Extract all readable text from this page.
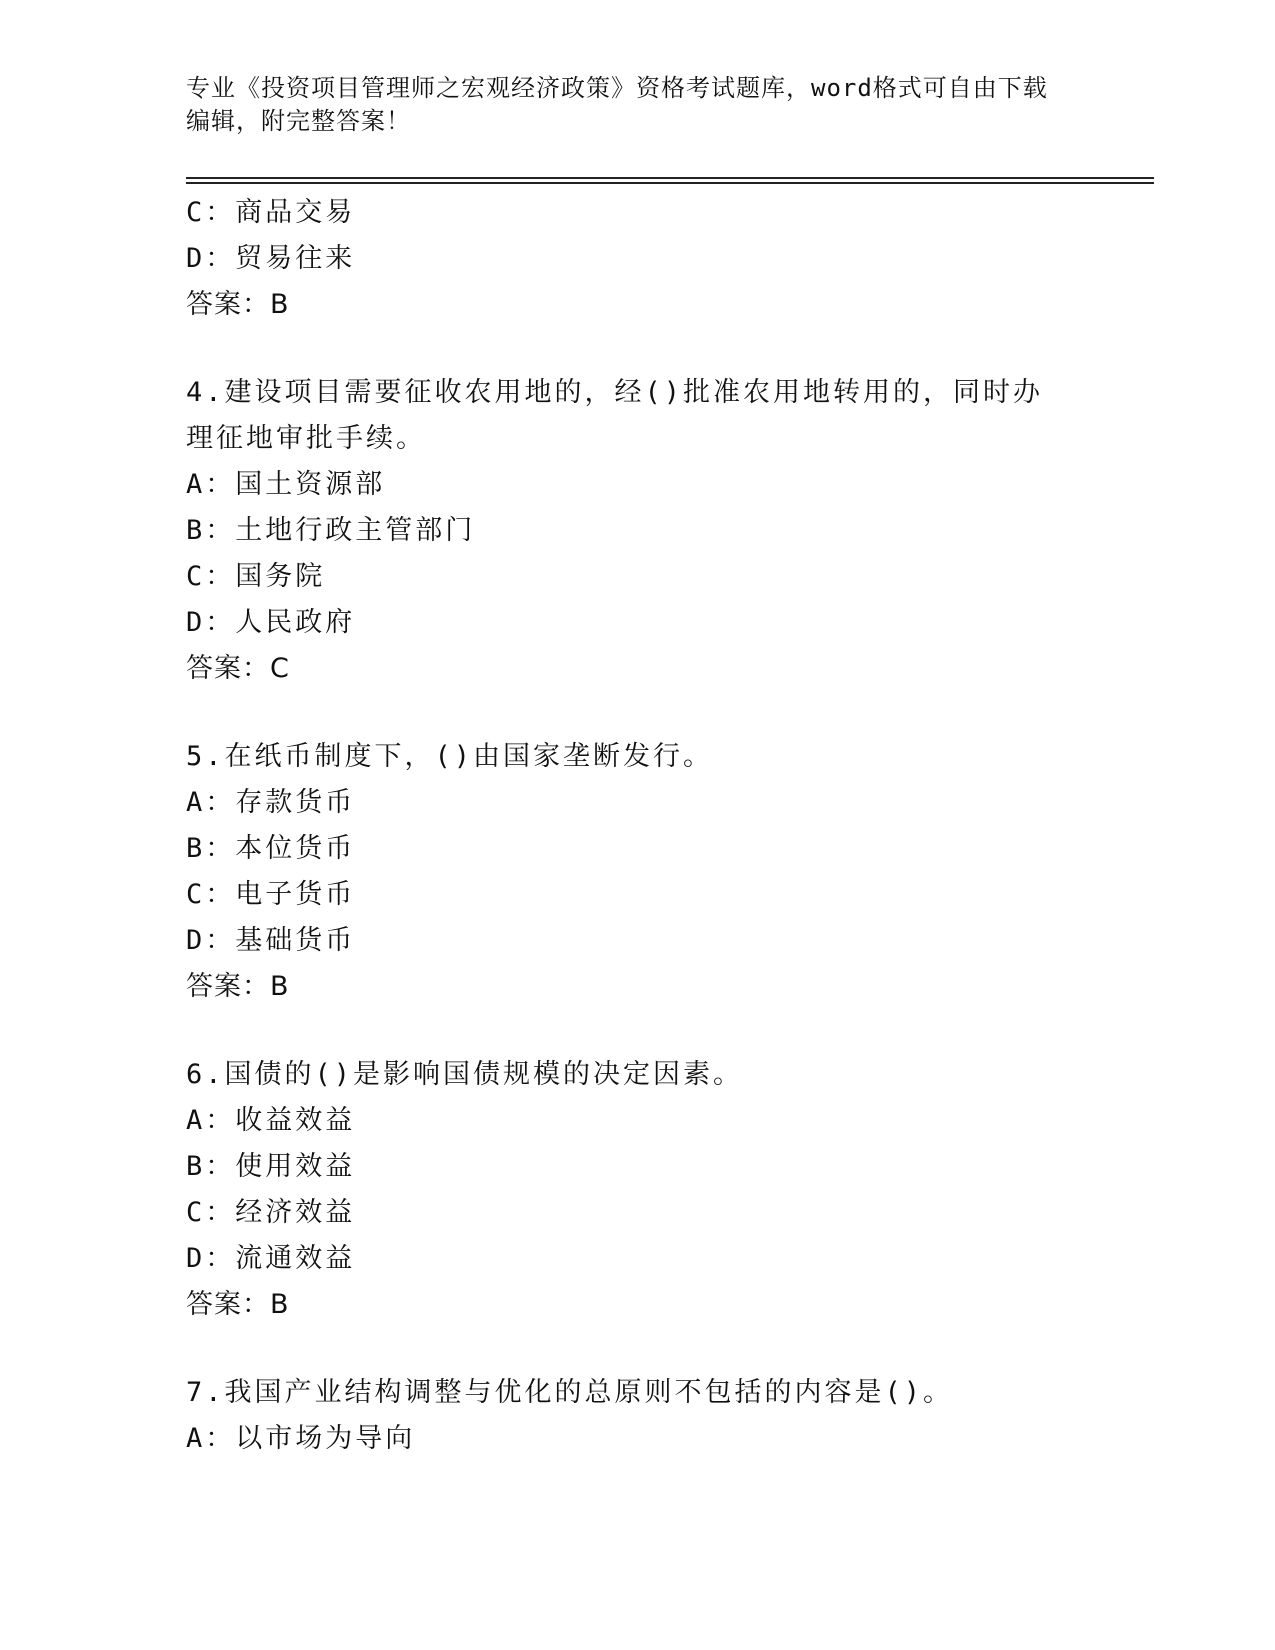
专业《投资项目管理师之宏观经济政策》资格考试题库，word格式可自由下载编辑，附完整答案！
C：商品交易
D：贸易往来
答案：B
4.建设项目需要征收农用地的，经()批准农用地转用的，同时办理征地审批手续。
A：国土资源部
B：土地行政主管部门
C：国务院
D：人民政府
答案：C
5.在纸币制度下，()由国家垄断发行。
A：存款货币
B：本位货币
C：电子货币
D：基础货币
答案：B
6.国债的()是影响国债规模的决定因素。
A：收益效益
B：使用效益
C：经济效益
D：流通效益
答案：B
7.我国产业结构调整与优化的总原则不包括的内容是()。
A：以市场为导向
